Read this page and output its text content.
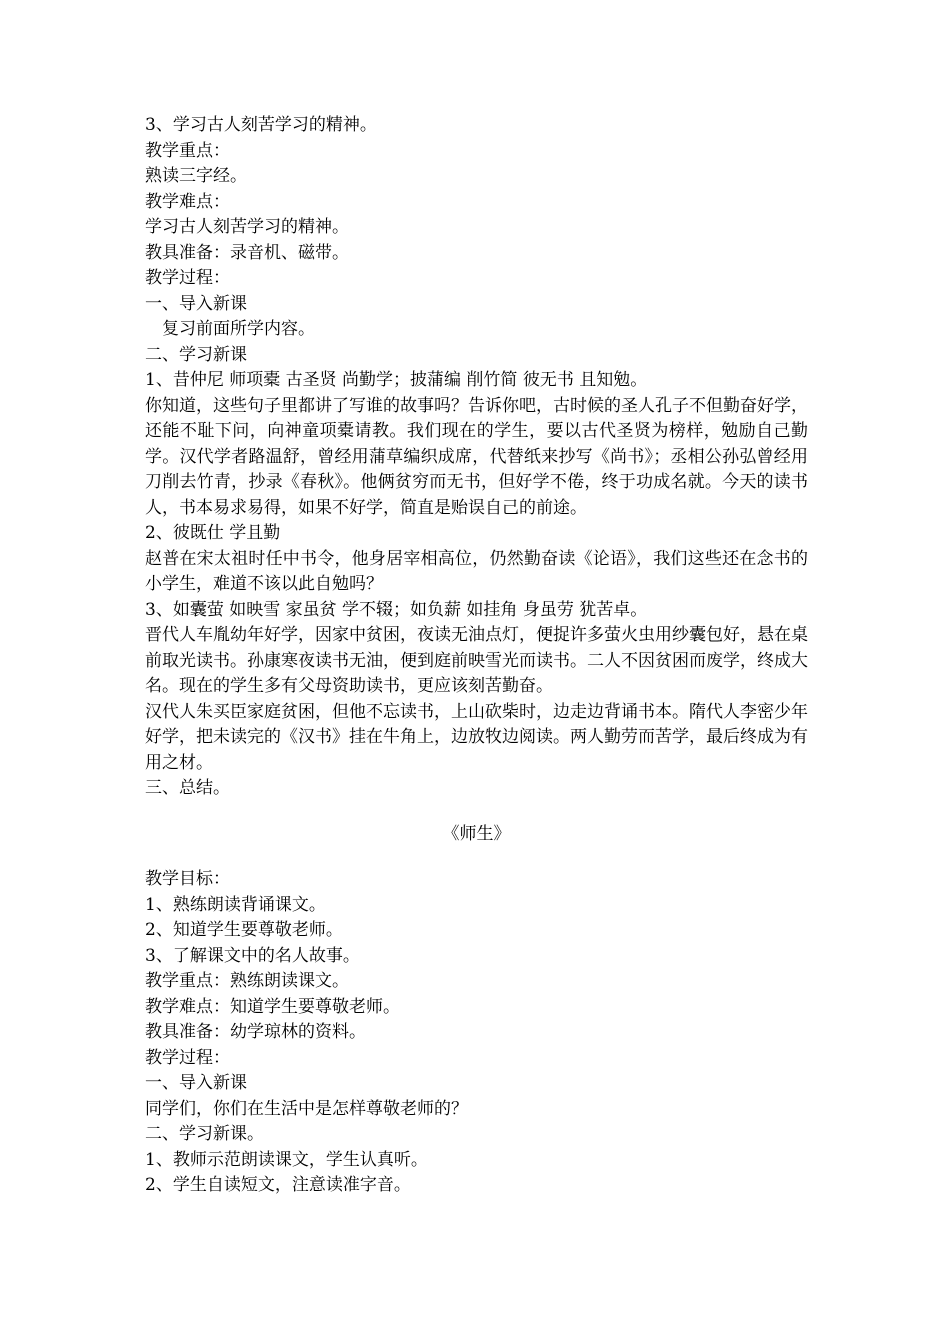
3、学习古人刻苦学习的精神。
教学重点：
熟读三字经。
教学难点：
学习古人刻苦学习的精神。
教具准备：录音机、磁带。
教学过程：
一、导入新课
复习前面所学内容。
二、学习新课
1、昔仲尼 师项橐 古圣贤 尚勤学；披蒲编 削竹简 彼无书 且知勉。
你知道，这些句子里都讲了写谁的故事吗？告诉你吧，古时候的圣人孔子不但勤奋好学，还能不耻下问，向神童项橐请教。我们现在的学生，要以古代圣贤为榜样，勉励自己勤学。汉代学者路温舒，曾经用蒲草编织成席，代替纸来抄写《尚书》；丞相公孙弘曾经用刀削去竹青，抄录《春秋》。他俩贫穷而无书，但好学不倦，终于功成名就。今天的读书人，书本易求易得，如果不好学，简直是贻误自己的前途。
2、彼既仕 学且勤
赵普在宋太祖时任中书令，他身居宰相高位，仍然勤奋读《论语》，我们这些还在念书的小学生，难道不该以此自勉吗？
3、如囊萤 如映雪 家虽贫 学不辍；如负薪 如挂角 身虽劳 犹苦卓。
晋代人车胤幼年好学，因家中贫困，夜读无油点灯，便捉许多萤火虫用纱囊包好，悬在桌前取光读书。孙康寒夜读书无油，便到庭前映雪光而读书。二人不因贫困而废学，终成大名。现在的学生多有父母资助读书，更应该刻苦勤奋。
汉代人朱买臣家庭贫困，但他不忘读书，上山砍柴时，边走边背诵书本。隋代人李密少年好学，把未读完的《汉书》挂在牛角上，边放牧边阅读。两人勤劳而苦学，最后终成为有用之材。
三、总结。
《师生》
教学目标：
1、熟练朗读背诵课文。
2、知道学生要尊敬老师。
3、了解课文中的名人故事。
教学重点：熟练朗读课文。
教学难点：知道学生要尊敬老师。
教具准备：幼学琼林的资料。
教学过程：
一、导入新课
同学们，你们在生活中是怎样尊敬老师的？
二、学习新课。
1、教师示范朗读课文，学生认真听。
2、学生自读短文，注意读准字音。
